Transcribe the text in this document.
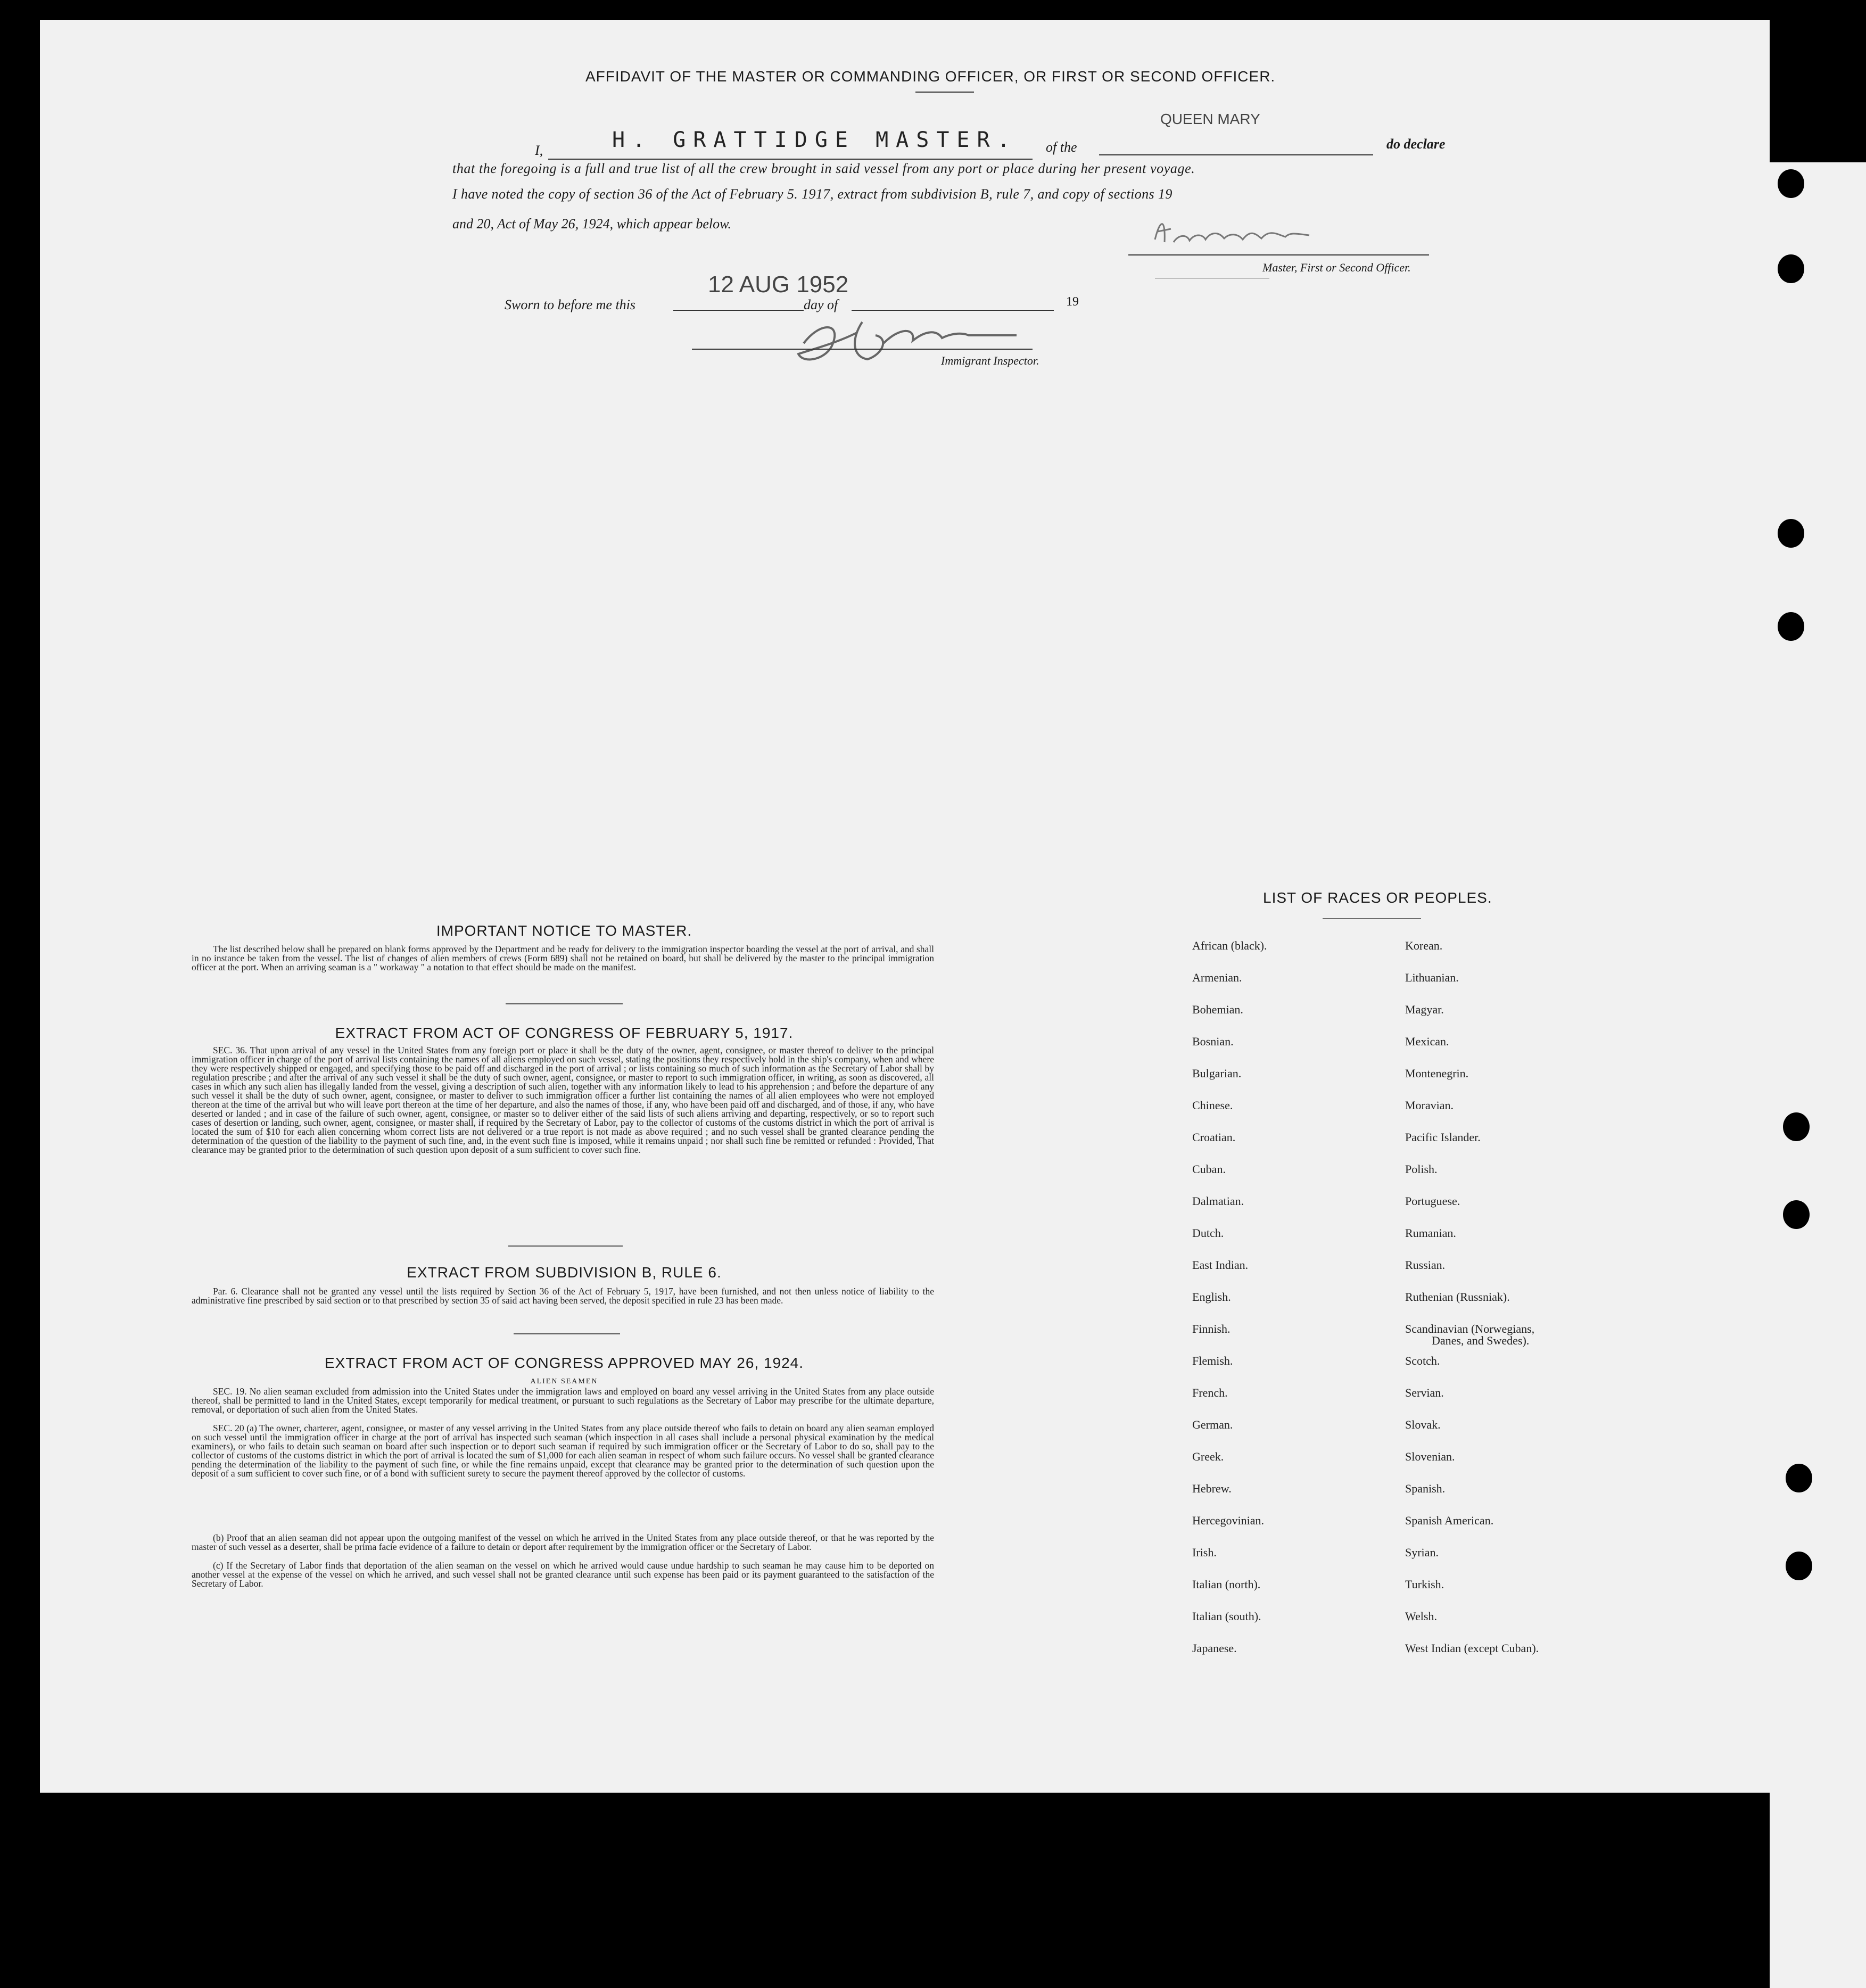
AFFIDAVIT OF THE MASTER OR COMMANDING OFFICER, OR FIRST OR SECOND OFFICER.
I,	H. GRATTIDGE MASTER. of the
QUEEN MARY
do declare
that the foregoing is a full and true list of all the crew brought in said vessel from any port or place during her present voyage.
I have noted the copy of section 36 of the Act of February 5. 1917, extract from subdivision B, rule 7, and copy of sections 19
and 20, Act of May 26, 1924, which appear below.
Master, First or Second Officer.
Sworn to before me this
12 AUG 1952
day of	19
Immigrant Inspector.
IMPORTANT NOTICE TO MASTER.
The list described below shall be prepared on blank forms approved by the Department and be ready for delivery to the immigration inspector boarding the vessel at the port of arrival, and shall in no instance be taken from the vessel. The list of changes of alien members of crews (Form 689) shall not be retained on board, but shall be delivered by the master to the principal immigration officer at the port. When an arriving seaman is a " workaway " a notation to that effect should be made on the manifest.
EXTRACT FROM ACT OF CONGRESS OF FEBRUARY 5, 1917.
SEC. 36. That upon arrival of any vessel in the United States from any foreign port or place it shall be the duty of the owner, agent, consignee, or master thereof to deliver to the principal immigration officer in charge of the port of arrival lists containing the names of all aliens employed on such vessel, stating the positions they respectively hold in the ship's company, when and where they were respectively shipped or engaged, and specifying those to be paid off and discharged in the port of arrival ; or lists containing so much of such information as the Secretary of Labor shall by regulation prescribe ; and after the arrival of any such vessel it shall be the duty of such owner, agent, consignee, or master to report to such immigration officer, in writing, as soon as discovered, all cases in which any such alien has illegally landed from the vessel, giving a description of such alien, together with any information likely to lead to his apprehension ; and before the departure of any such vessel it shall be the duty of such owner, agent, consignee, or master to deliver to such immigration officer a further list containing the names of all alien employees who were not employed thereon at the time of the arrival but who will leave port thereon at the time of her departure, and also the names of those, if any, who have been paid off and discharged, and of those, if any, who have deserted or landed ; and in case of the failure of such owner, agent, consignee, or master so to deliver either of the said lists of such aliens arriving and departing, respectively, or so to report such cases of desertion or landing, such owner, agent, consignee, or master shall, if required by the Secretary of Labor, pay to the collector of customs of the customs district in which the port of arrival is located the sum of $10 for each alien concerning whom correct lists are not delivered or a true report is not made as above required ; and no such vessel shall be granted clearance pending the determination of the question of the liability to the payment of such fine, and, in the event such fine is imposed, while it remains unpaid ; nor shall such fine be remitted or refunded : Provided, That clearance may be granted prior to the determination of such question upon deposit of a sum sufficient to cover such fine.
EXTRACT FROM SUBDIVISION B, RULE 6.
Par. 6. Clearance shall not be granted any vessel until the lists required by Section 36 of the Act of February 5, 1917, have been furnished, and not then unless notice of liability to the administrative fine prescribed by said section or to that prescribed by section 35 of said act having been served, the deposit specified in rule 23 has been made.
EXTRACT FROM ACT OF CONGRESS APPROVED MAY 26, 1924.
ALIEN SEAMEN
SEC. 19. No alien seaman excluded from admission into the United States under the immigration laws and employed on board any vessel arriving in the United States from any place outside thereof, shall be permitted to land in the United States, except temporarily for medical treatment, or pursuant to such regulations as the Secretary of Labor may prescribe for the ultimate departure, removal, or deportation of such alien from the United States.
SEC. 20 (a) The owner, charterer, agent, consignee, or master of any vessel arriving in the United States from any place outside thereof who fails to detain on board any alien seaman employed on such vessel until the immigration officer in charge at the port of arrival has inspected such seaman (which inspection in all cases shall include a personal physical examination by the medical examiners), or who fails to detain such seaman on board after such inspection or to deport such seaman if required by such immigration officer or the Secretary of Labor to do so, shall pay to the collector of customs of the customs district in which the port of arrival is located the sum of $1,000 for each alien seaman in respect of whom such failure occurs. No vessel shall be granted clearance pending the determination of the liability to the payment of such fine, or while the fine remains unpaid, except that clearance may be granted prior to the determination of such question upon the deposit of a sum sufficient to cover such fine, or of a bond with sufficient surety to secure the payment thereof approved by the collector of customs.
(b) Proof that an alien seaman did not appear upon the outgoing manifest of the vessel on which he arrived in the United States from any place outside thereof, or that he was reported by the master of such vessel as a deserter, shall be prima facie evidence of a failure to detain or deport after requirement by the immigration officer or the Secretary of Labor.
(c) If the Secretary of Labor finds that deportation of the alien seaman on the vessel on which he arrived would cause undue hardship to such seaman he may cause him to be deported on another vessel at the expense of the vessel on which he arrived, and such vessel shall not be granted clearance until such expense has been paid or its payment guaranteed to the satisfaction of the Secretary of Labor.
LIST OF RACES OR PEOPLES.
African (black).
Armenian.
Bohemian.
Bosnian.
Bulgarian.
Chinese.
Croatian.
Cuban.
Dalmatian.
Dutch.
East Indian.
English.
Finnish.
Flemish.
French.
German.
Greek.
Hebrew.
Hercegovinian.
Irish.
Italian (north).
Italian (south).
Japanese.
Korean.
Lithuanian.
Magyar.
Mexican.
Montenegrin.
Moravian.
Pacific Islander.
Polish.
Portuguese.
Rumanian.
Russian.
Ruthenian (Russniak).
Scandinavian (Norwegians,
Danes, and Swedes).
Scotch.
Servian.
Slovak.
Slovenian.
Spanish.
Spanish American.
Syrian.
Turkish.
Welsh.
West Indian (except Cuban).
